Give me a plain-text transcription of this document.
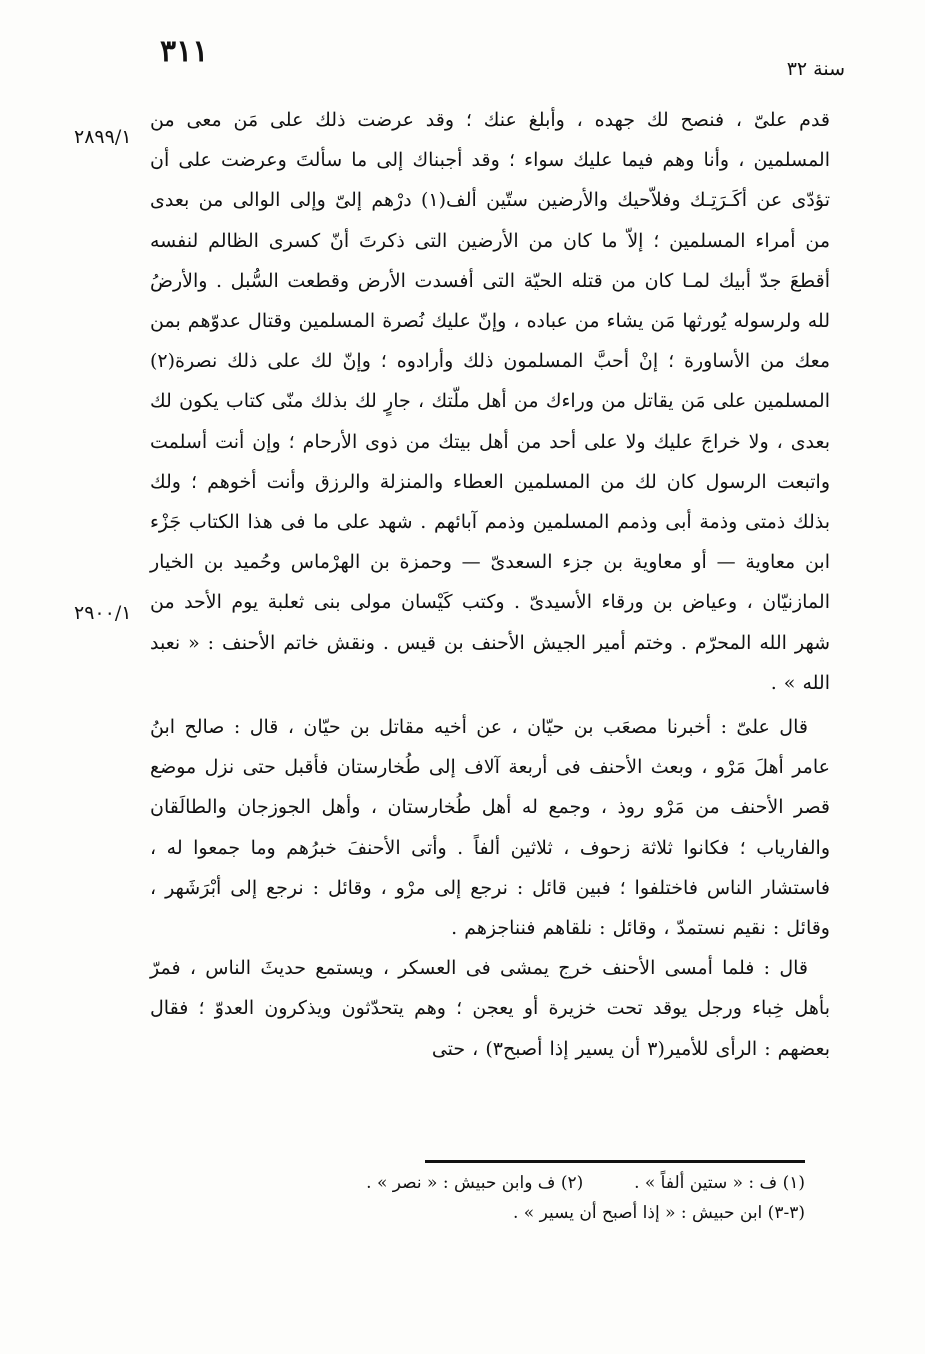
٣١١	سنة ٣٢
٢٨٩٩/١
٢٩٠٠/١

قدم علىّ ، فنصح لك جهده ، وأبلغ عنك ؛ وقد عرضت ذلك على مَن معى من المسلمين ، وأنا وهم فيما عليك سواء ؛ وقد أجبناك إلى ما سألتَ وعرضت على أن تؤدّى عن أكَـرَتِـك وفلاّحيك والأرضين ستّين ألف(١) درْهم إلىّ وإلى الوالى من بعدى من أمراء المسلمين ؛ إلاّ ما كان من الأرضين التى ذكرتَ أنّ كسرى الظالم لنفسه أقطعَ جدّ أبيك لمـا كان من قتله الحيّة التى أفسدت الأرض وقطعت السُّبل . والأرضُ لله ولرسوله يُورثها مَن يشاء من عباده ، وإنّ عليك نُصرة المسلمين وقتال عدوّهم بمن معك من الأساورة ؛ إنْ أحبَّ المسلمون ذلك وأرادوه ؛ وإنّ لك على ذلك نصرة(٢) المسلمين على مَن يقاتل من وراءك من أهل ملّتك ، جارٍ لك بذلك منّى كتاب يكون لك بعدى ، ولا خراجَ عليك ولا على أحد من أهل بيتك من ذوى الأرحام ؛ وإن أنت أسلمت واتبعت الرسول كان لك من المسلمين العطاء والمنزلة والرزق وأنت أخوهم ؛ ولك بذلك ذمتى وذمة أبى وذمم المسلمين وذمم آبائهم . شهد على ما فى هذا الكتاب جَزْء ابن معاوية — أو معاوية بن جزء السعدىّ — وحمزة بن الهرْماس وحُميد بن الخيار المازنيّان ، وعياض بن ورقاء الأسيدىّ . وكتب كَيْسان مولى بنى ثعلبة يوم الأحد من شهر الله المحرّم . وختم أمير الجيش الأحنف بن قيس . ونقش خاتم الأحنف : « نعبد الله » .

قال علىّ : أخبرنا مصعَب بن حيّان ، عن أخيه مقاتل بن حيّان ، قال : صالح ابنُ عامر أهلَ مَرْو ، وبعث الأحنف فى أربعة آلاف إلى طُخارستان فأقبل حتى نزل موضع قصر الأحنف من مَرْو روذ ، وجمع له أهل طُخارستان ، وأهل الجوزجان والطالَقان والفارياب ؛ فكانوا ثلاثة زحوف ، ثلاثين ألفاً . وأتى الأحنفَ خبرُهم وما جمعوا له ، فاستشار الناس فاختلفوا ؛ فبين قائل : نرجع إلى مرْو ، وقائل : نرجع إلى أبْرَشَهر ، وقائل : نقيم نستمدّ ، وقائل : نلقاهم فنناجزهم .

قال : فلما أمسى الأحنف خرج يمشى فى العسكر ، ويستمع حديثَ الناس ، فمرّ بأهل خِباء ورجل يوقد تحت خزيرة أو يعجن ؛ وهم يتحدّثون ويذكرون العدوّ ؛ فقال بعضهم : الرأى للأمير(٣ أن يسير إذا أصبح٣) ، حتى

(١) ف : « ستين ألفاً » .  (٢) ف وابن حبيش : « نصر » .
(٣-٣) ابن حبيش : « إذا أصبح أن يسير » .
